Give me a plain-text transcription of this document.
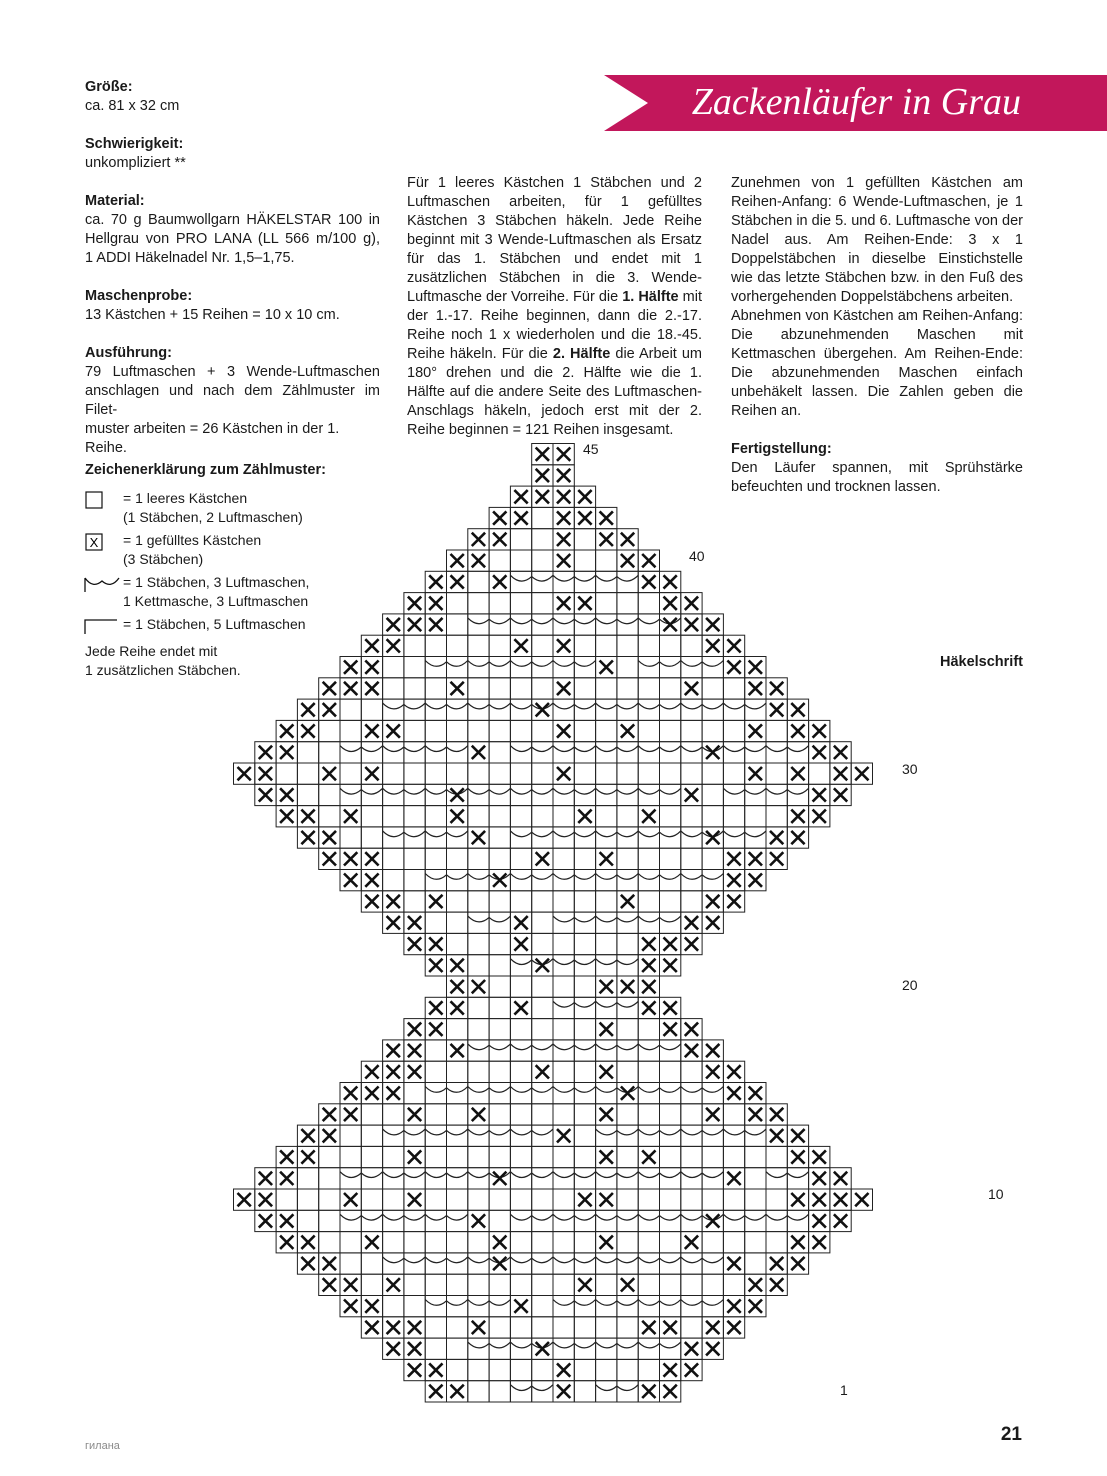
Zackenläufer in Grau
Größe:

ca. 81 x 32 cm

Schwierigkeit:

unkompliziert **

Material:

ca. 70 g Baumwollgarn HÄKELSTAR 100 in

Hellgrau von PRO LANA (LL 566 m/100 g),

1 ADDI Häkelnadel Nr. 1,5–1,75.

Maschenprobe:

13 Kästchen + 15 Reihen = 10 x 10 cm.

Ausführung:

79 Luftmaschen + 3 Wende-Luftmaschen

anschlagen und nach dem Zählmuster im Filet-

muster arbeiten = 26 Kästchen in der 1. Reihe.

Für 1 leeres Kästchen 1 Stäbchen und 2 Luftmaschen arbeiten, für 1 gefülltes Kästchen 3 Stäbchen häkeln. Jede Reihe beginnt mit 3 Wende-Luftmaschen als Ersatz für das 1. Stäbchen und endet mit 1 zusätzlichen Stäbchen in die 3. Wende-Luftmasche der Vorreihe. Für die 1. Hälfte mit der 1.-17. Reihe beginnen, dann die 2.-17. Reihe noch 1 x wiederholen und die 18.-45. Reihe häkeln. Für die 2. Hälfte die Arbeit um 180° drehen und die 2. Hälfte wie die 1. Hälfte auf die andere Seite des Luftmaschen-Anschlags häkeln, jedoch erst mit der 2. Reihe beginnen = 121 Reihen insgesamt.

Zunehmen von 1 gefüllten Kästchen am Reihen-Anfang: 6 Wende-Luftmaschen, je 1 Stäbchen in die 5. und 6. Luftmasche von der Nadel aus. Am Reihen-Ende: 3 x 1 Doppelstäbchen in dieselbe Einstichstelle wie das letzte Stäbchen bzw. in den Fuß des vorhergehenden Doppelstäbchens arbeiten.

Abnehmen von Kästchen am Reihen-Anfang: Die abzunehmenden Maschen mit Kettmaschen übergehen. Am Reihen-Ende: Die abzunehmenden Maschen einfach unbehäkelt lassen. Die Zahlen geben die Reihen an.

Fertigstellung:

Den Läufer spannen, mit Sprühstärke befeuchten und trocknen lassen.

Zeichenerklärung zum Zählmuster:
= 1 leeres Kästchen
(1 Stäbchen, 2 Luftmaschen)
X = 1 gefülltes Kästchen
(3 Stäbchen)
= 1 Stäbchen, 3 Luftmaschen,
1 Kettmasche, 3 Luftmaschen
= 1 Stäbchen, 5 Luftmaschen
Jede Reihe endet mit
1 zusätzlichen Stäbchen.	Häkelschrift
45
40
30
20
10
1
21
гилана
